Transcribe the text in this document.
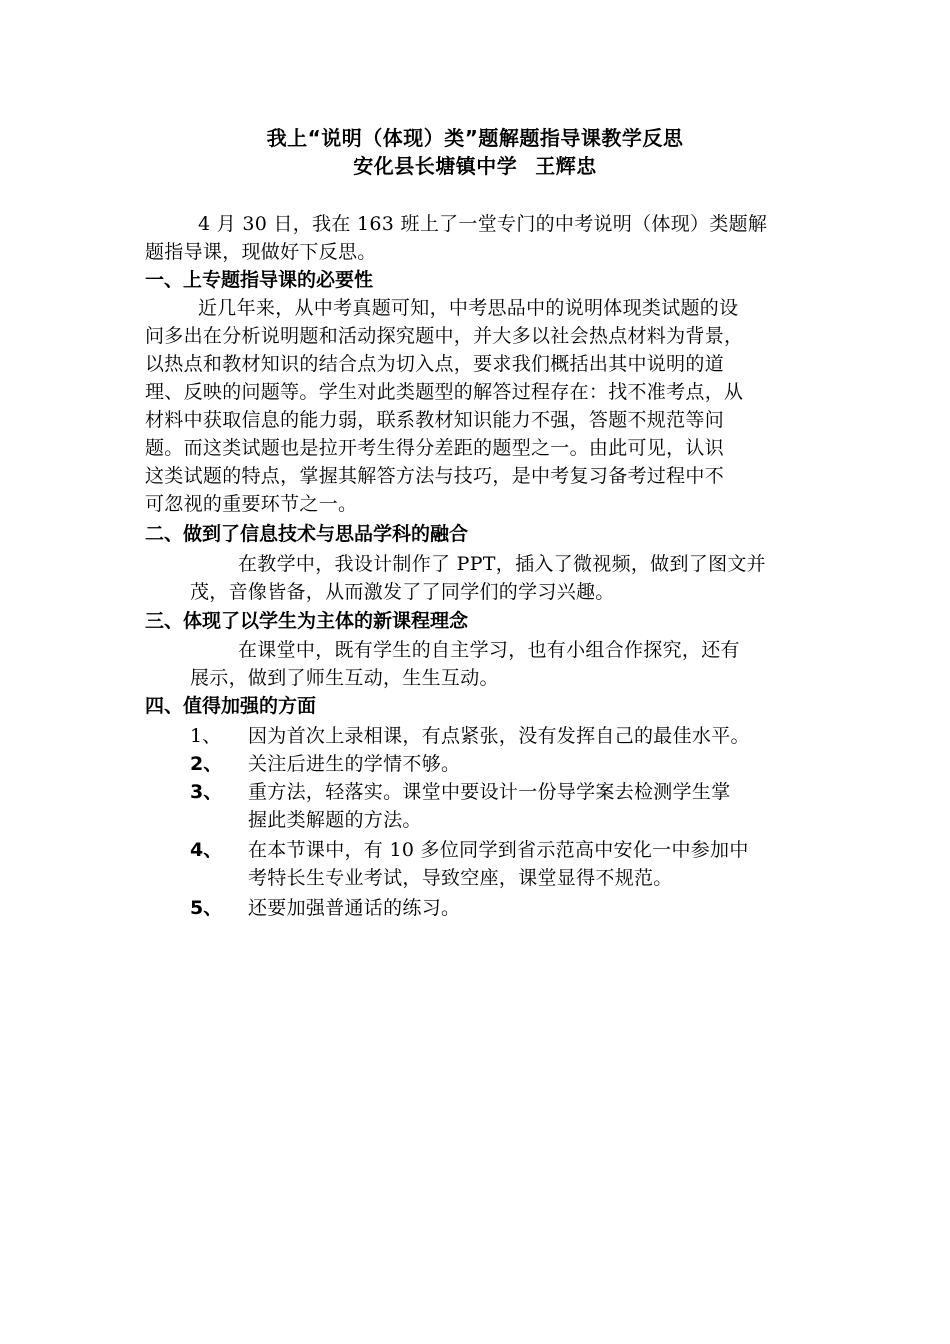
我上“说明（体现）类”题解题指导课教学反思
安化县长塘镇中学 王辉忠
4 月 30 日，我在 163 班上了一堂专门的中考说明（体现）类题解
题指导课，现做好下反思。
一、上专题指导课的必要性
近几年来，从中考真题可知，中考思品中的说明体现类试题的设
问多出在分析说明题和活动探究题中，并大多以社会热点材料为背景，
以热点和教材知识的结合点为切入点，要求我们概括出其中说明的道
理、反映的问题等。学生对此类题型的解答过程存在：找不准考点，从
材料中获取信息的能力弱，联系教材知识能力不强，答题不规范等问
题。而这类试题也是拉开考生得分差距的题型之一。由此可见，认识
这类试题的特点，掌握其解答方法与技巧，是中考复习备考过程中不
可忽视的重要环节之一。
二、做到了信息技术与思品学科的融合
在教学中，我设计制作了 PPT，插入了微视频，做到了图文并
茂，音像皆备，从而激发了了同学们的学习兴趣。
三、体现了以学生为主体的新课程理念
在课堂中，既有学生的自主学习，也有小组合作探究，还有
展示，做到了师生互动，生生互动。
四、值得加强的方面
1、 因为首次上录相课，有点紧张，没有发挥自己的最佳水平。
2、 关注后进生的学情不够。
3、 重方法，轻落实。课堂中要设计一份导学案去检测学生掌
握此类解题的方法。
4、 在本节课中，有 10 多位同学到省示范高中安化一中参加中
考特长生专业考试，导致空座，课堂显得不规范。
5、 还要加强普通话的练习。
